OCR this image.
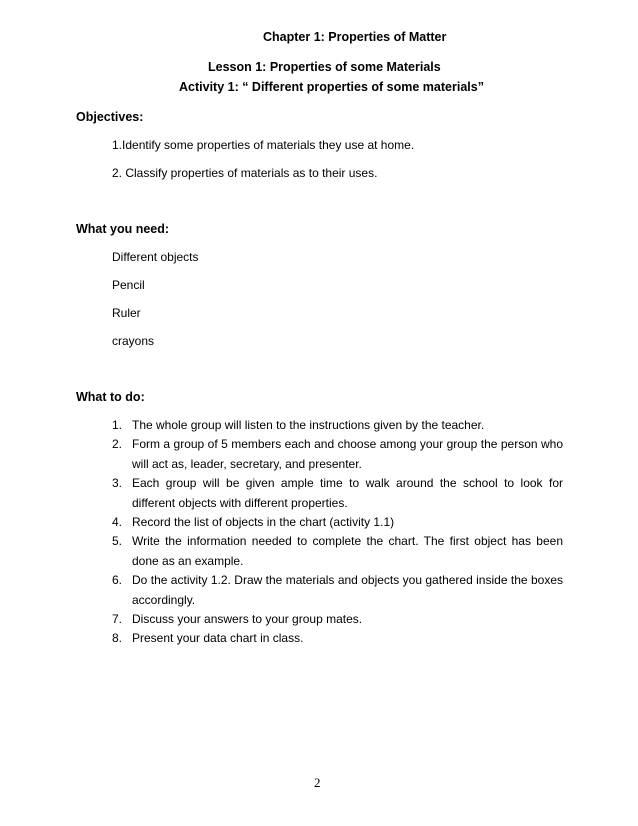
Chapter 1: Properties of Matter
Lesson 1: Properties of some Materials
Activity 1: “ Different properties of some materials”
Objectives:
1.Identify some properties of materials they use at home.
2. Classify properties of materials as to their uses.
What you need:
Different objects
Pencil
Ruler
crayons
What to do:
1. The whole group will listen to the instructions given by the teacher.
2. Form a group of 5 members each and choose among your group the person who will act as, leader, secretary, and presenter.
3. Each group will be given ample time to walk around the school to look for different objects with different properties.
4. Record the list of objects in the chart (activity 1.1)
5. Write the information needed to complete the chart. The first object has been done as an example.
6. Do the activity 1.2. Draw the materials and objects you gathered inside the boxes accordingly.
7. Discuss your answers to your group mates.
8. Present your data chart in class.
2
